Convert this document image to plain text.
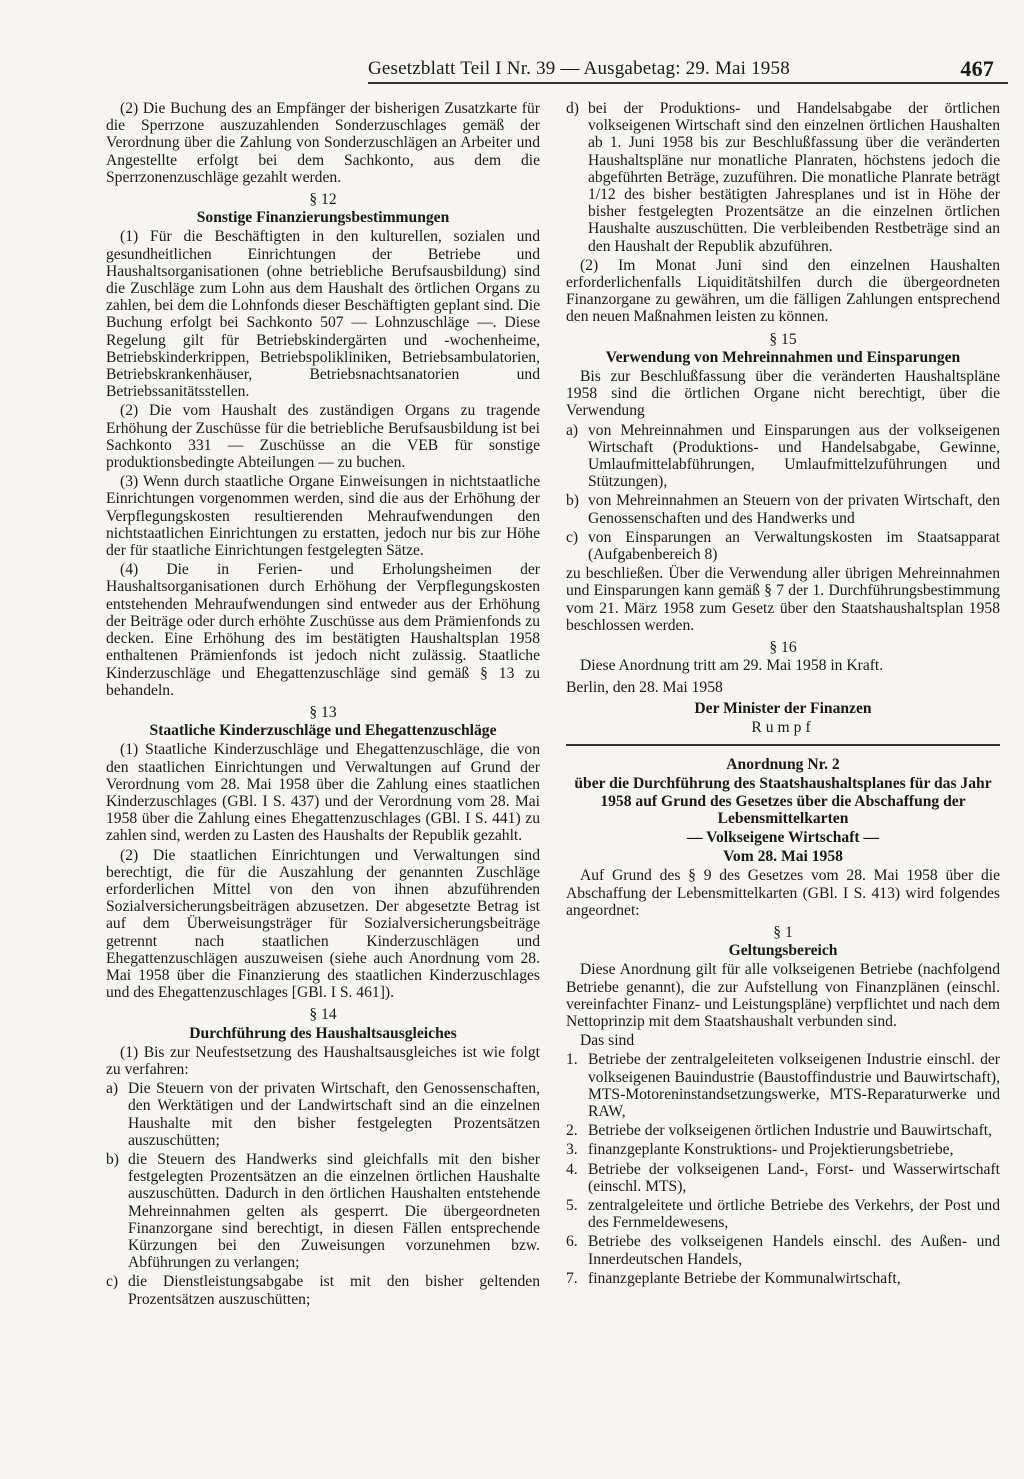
Gesetzblatt Teil I Nr. 39 — Ausgabetag: 29. Mai 1958	467

(2) Die Buchung des an Empfänger der bisherigen Zusatzkarte für die Sperrzone auszuzahlenden Sonderzuschlages gemäß der Verordnung über die Zahlung von Sonderzuschlägen an Arbeiter und Angestellte erfolgt bei dem Sachkonto, aus dem die Sperrzonenzuschläge gezahlt werden.

§ 12
Sonstige Finanzierungsbestimmungen

(1) Für die Beschäftigten in den kulturellen, sozialen und gesundheitlichen Einrichtungen der Betriebe und Haushaltsorganisationen (ohne betriebliche Berufsausbildung) sind die Zuschläge zum Lohn aus dem Haushalt des örtlichen Organs zu zahlen, bei dem die Lohnfonds dieser Beschäftigten geplant sind. Die Buchung erfolgt bei Sachkonto 507 — Lohnzuschläge —. Diese Regelung gilt für Betriebskindergärten und -wochenheime, Betriebskinderkrippen, Betriebspolikliniken, Betriebsambulatorien, Betriebskrankenhäuser, Betriebsnachtsanatorien und Betriebssanitätsstellen.

(2) Die vom Haushalt des zuständigen Organs zu tragende Erhöhung der Zuschüsse für die betriebliche Berufsausbildung ist bei Sachkonto 331 — Zuschüsse an die VEB für sonstige produktionsbedingte Abteilungen — zu buchen.

(3) Wenn durch staatliche Organe Einweisungen in nichtstaatliche Einrichtungen vorgenommen werden, sind die aus der Erhöhung der Verpflegungskosten resultierenden Mehraufwendungen den nichtstaatlichen Einrichtungen zu erstatten, jedoch nur bis zur Höhe der für staatliche Einrichtungen festgelegten Sätze.

(4) Die in Ferien- und Erholungsheimen der Haushaltsorganisationen durch Erhöhung der Verpflegungskosten entstehenden Mehraufwendungen sind entweder aus der Erhöhung der Beiträge oder durch erhöhte Zuschüsse aus dem Prämienfonds zu decken. Eine Erhöhung des im bestätigten Haushaltsplan 1958 enthaltenen Prämienfonds ist jedoch nicht zulässig. Staatliche Kinderzuschläge und Ehegattenzuschläge sind gemäß § 13 zu behandeln.

§ 13
Staatliche Kinderzuschläge und Ehegattenzuschläge

(1) Staatliche Kinderzuschläge und Ehegattenzuschläge, die von den staatlichen Einrichtungen und Verwaltungen auf Grund der Verordnung vom 28. Mai 1958 über die Zahlung eines staatlichen Kinderzuschlages (GBl. I S. 437) und der Verordnung vom 28. Mai 1958 über die Zahlung eines Ehegattenzuschlages (GBl. I S. 441) zu zahlen sind, werden zu Lasten des Haushalts der Republik gezahlt.

(2) Die staatlichen Einrichtungen und Verwaltungen sind berechtigt, die für die Auszahlung der genannten Zuschläge erforderlichen Mittel von den von ihnen abzuführenden Sozialversicherungsbeiträgen abzusetzen. Der abgesetzte Betrag ist auf dem Überweisungsträger für Sozialversicherungsbeiträge getrennt nach staatlichen Kinderzuschlägen und Ehegattenzuschlägen auszuweisen (siehe auch Anordnung vom 28. Mai 1958 über die Finanzierung des staatlichen Kinderzuschlages und des Ehegattenzuschlages [GBl. I S. 461]).

§ 14
Durchführung des Haushaltsausgleiches

(1) Bis zur Neufestsetzung des Haushaltsausgleiches ist wie folgt zu verfahren:

a) Die Steuern von der privaten Wirtschaft, den Genossenschaften, den Werktätigen und der Landwirtschaft sind an die einzelnen Haushalte mit den bisher festgelegten Prozentsätzen auszuschütten;
b) die Steuern des Handwerks sind gleichfalls mit den bisher festgelegten Prozentsätzen an die einzelnen örtlichen Haushalte auszuschütten. Dadurch in den örtlichen Haushalten entstehende Mehreinnahmen gelten als gesperrt. Die übergeordneten Finanzorgane sind berechtigt, in diesen Fällen entsprechende Kürzungen bei den Zuweisungen vorzunehmen bzw. Abführungen zu verlangen;
c) die Dienstleistungsabgabe ist mit den bisher geltenden Prozentsätzen auszuschütten;
d) bei der Produktions- und Handelsabgabe der örtlichen volkseigenen Wirtschaft sind den einzelnen örtlichen Haushalten ab 1. Juni 1958 bis zur Beschlußfassung über die veränderten Haushaltspläne nur monatliche Planraten, höchstens jedoch die abgeführten Beträge, zuzuführen. Die monatliche Planrate beträgt 1/12 des bisher bestätigten Jahresplanes und ist in Höhe der bisher festgelegten Prozentsätze an die einzelnen örtlichen Haushalte auszuschütten. Die verbleibenden Restbeträge sind an den Haushalt der Republik abzuführen.

(2) Im Monat Juni sind den einzelnen Haushalten erforderlichenfalls Liquiditätshilfen durch die übergeordneten Finanzorgane zu gewähren, um die fälligen Zahlungen entsprechend den neuen Maßnahmen leisten zu können.

§ 15
Verwendung von Mehreinnahmen und Einsparungen

Bis zur Beschlußfassung über die veränderten Haushaltspläne 1958 sind die örtlichen Organe nicht berechtigt, über die Verwendung

a) von Mehreinnahmen und Einsparungen aus der volkseigenen Wirtschaft (Produktions- und Handelsabgabe, Gewinne, Umlaufmittelabführungen, Umlaufmittelzuführungen und Stützungen),
b) von Mehreinnahmen an Steuern von der privaten Wirtschaft, den Genossenschaften und des Handwerks und
c) von Einsparungen an Verwaltungskosten im Staatsapparat (Aufgabenbereich 8)

zu beschließen. Über die Verwendung aller übrigen Mehreinnahmen und Einsparungen kann gemäß § 7 der 1. Durchführungsbestimmung vom 21. März 1958 zum Gesetz über den Staatshaushaltsplan 1958 beschlossen werden.

§ 16

Diese Anordnung tritt am 29. Mai 1958 in Kraft.

Berlin, den 28. Mai 1958

Der Minister der Finanzen
Rumpf
Anordnung Nr. 2
über die Durchführung des Staatshaushaltsplanes für das Jahr 1958 auf Grund des Gesetzes über die Abschaffung der Lebensmittelkarten
— Volkseigene Wirtschaft —
Vom 28. Mai 1958

Auf Grund des § 9 des Gesetzes vom 28. Mai 1958 über die Abschaffung der Lebensmittelkarten (GBl. I S. 413) wird folgendes angeordnet:

§ 1
Geltungsbereich

Diese Anordnung gilt für alle volkseigenen Betriebe (nachfolgend Betriebe genannt), die zur Aufstellung von Finanzplänen (einschl. vereinfachter Finanz- und Leistungspläne) verpflichtet und nach dem Nettoprinzip mit dem Staatshaushalt verbunden sind.

Das sind

1. Betriebe der zentralgeleiteten volkseigenen Industrie einschl. der volkseigenen Bauindustrie (Baustoffindustrie und Bauwirtschaft), MTS-Motoreninstandsetzungswerke, MTS-Reparaturwerke und RAW,
2. Betriebe der volkseigenen örtlichen Industrie und Bauwirtschaft,
3. finanzgeplante Konstruktions- und Projektierungsbetriebe,
4. Betriebe der volkseigenen Land-, Forst- und Wasserwirtschaft (einschl. MTS),
5. zentralgeleitete und örtliche Betriebe des Verkehrs, der Post und des Fernmeldewesens,
6. Betriebe des volkseigenen Handels einschl. des Außen- und Innerdeutschen Handels,
7. finanzgeplante Betriebe der Kommunalwirtschaft,
